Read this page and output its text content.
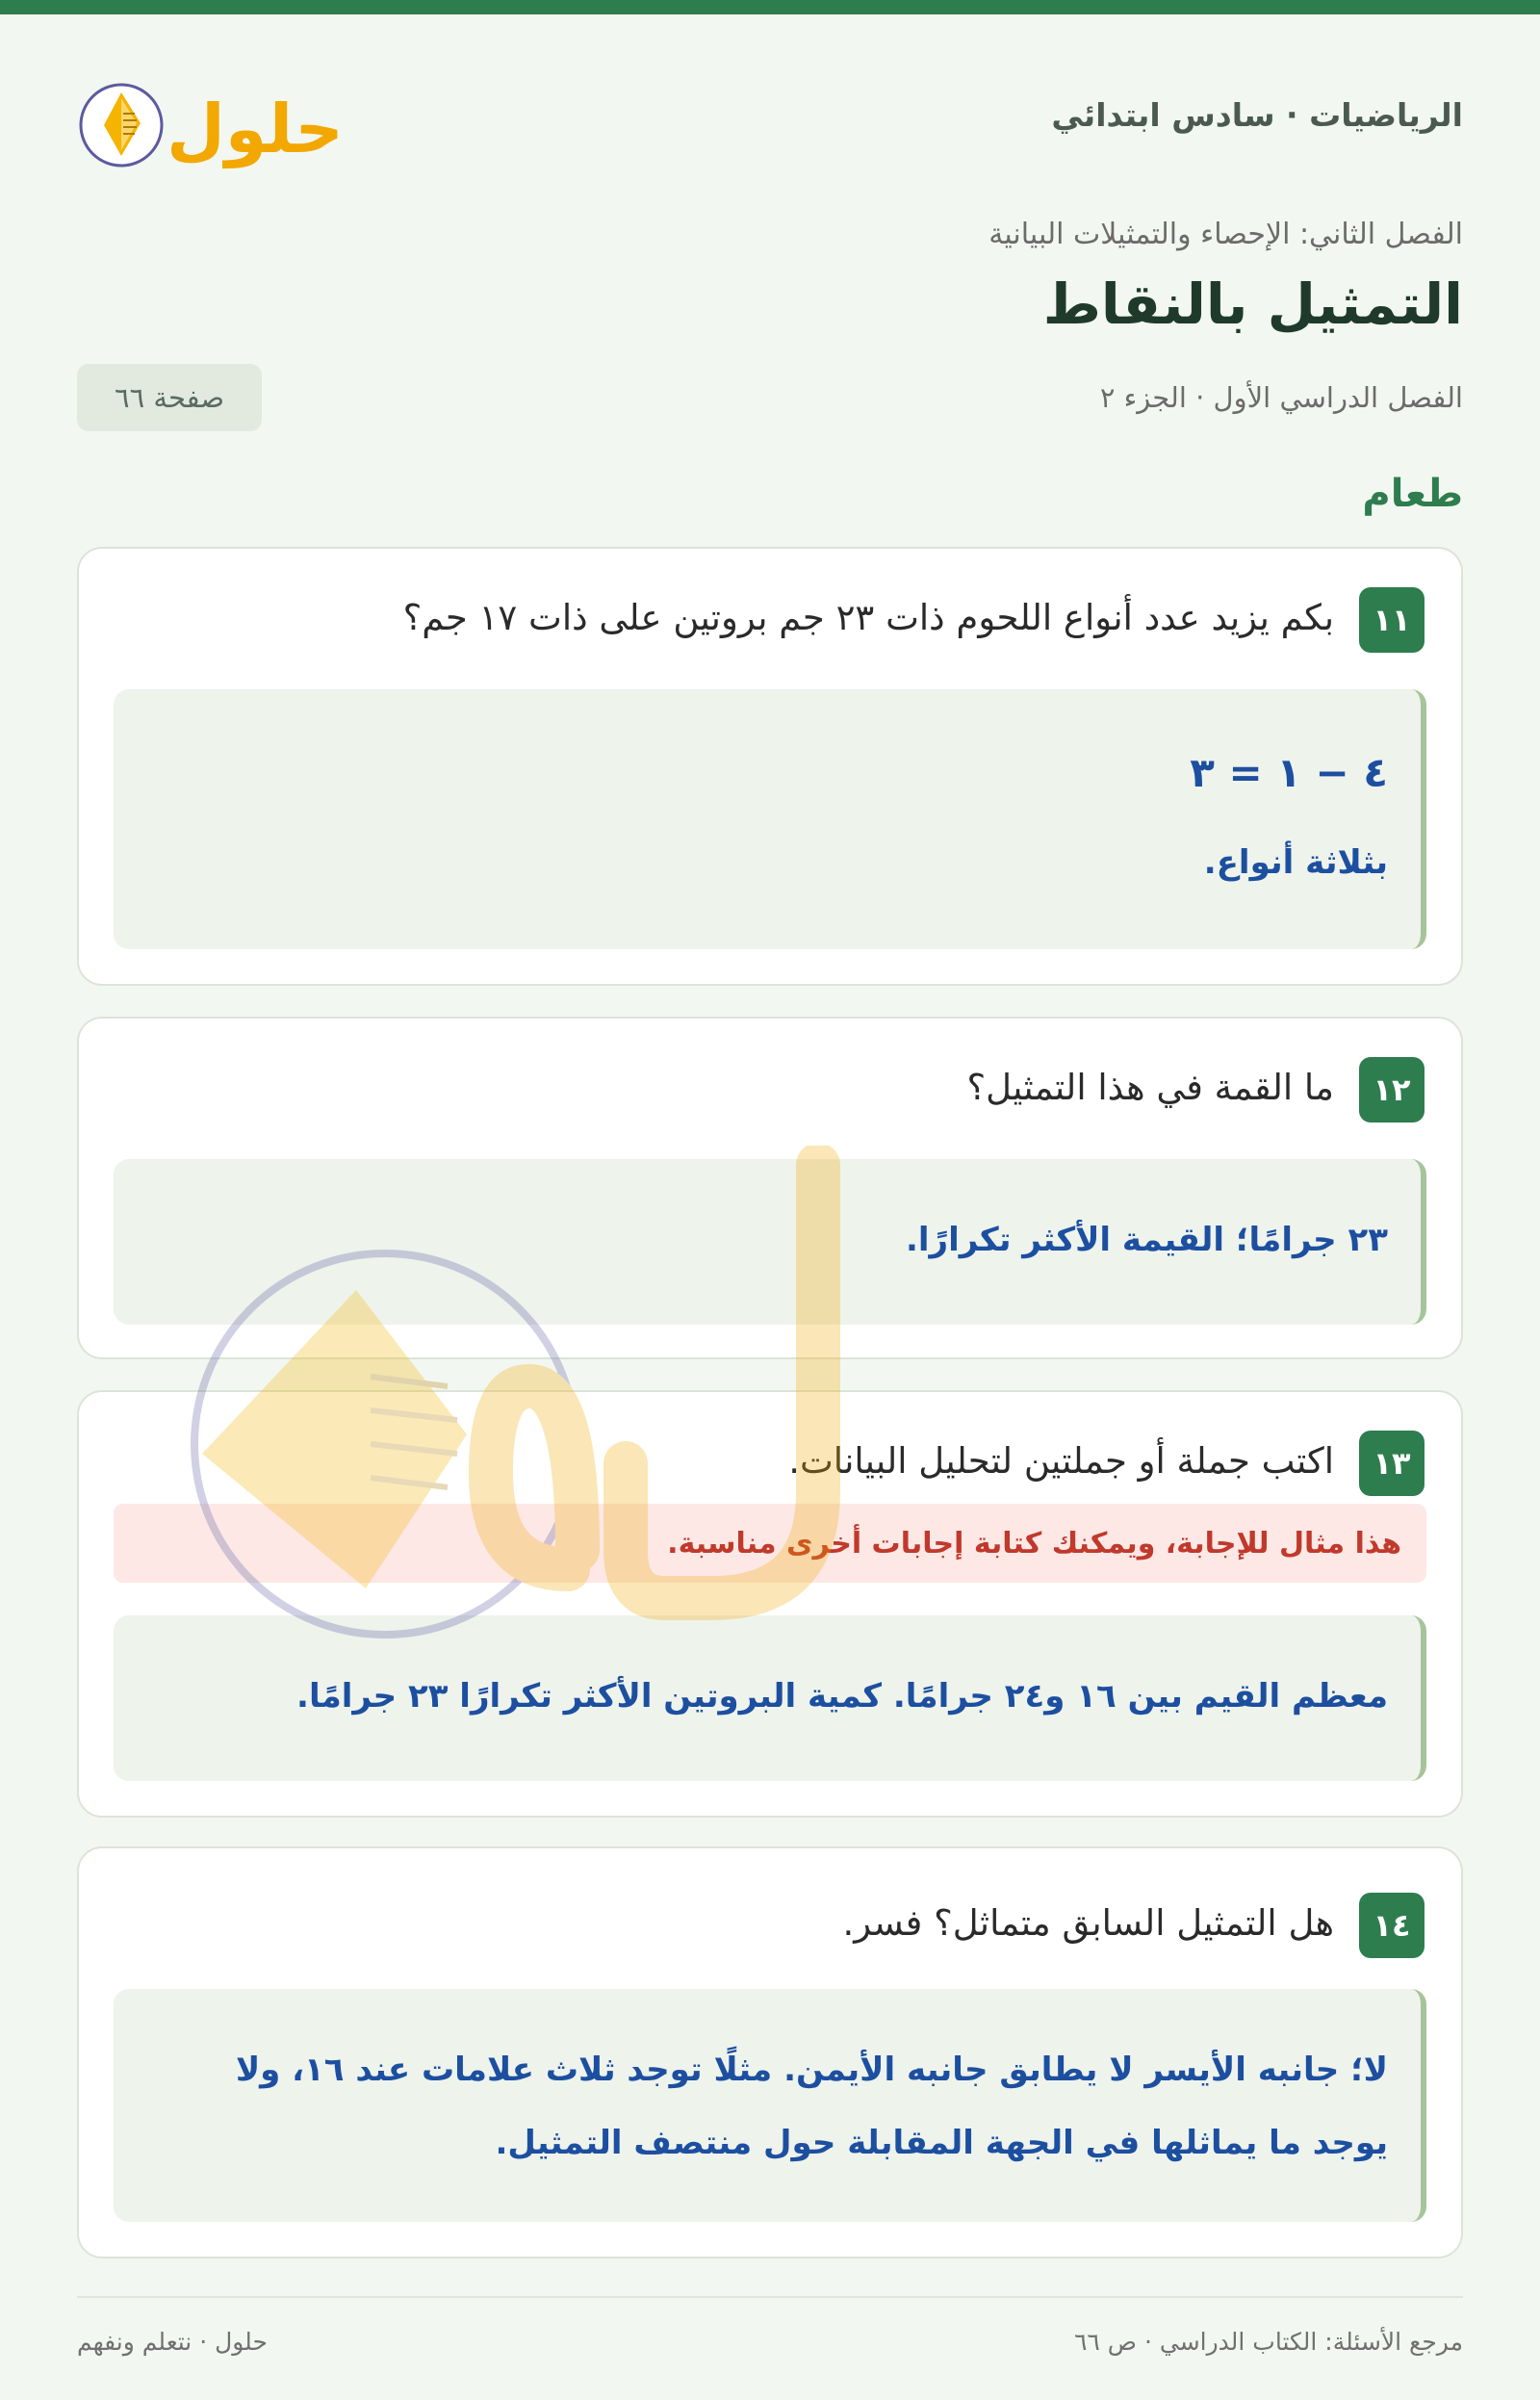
الرياضيات · سادس ابتدائي
حلول
الفصل الثاني: الإحصاء والتمثيلات البيانية
التمثيل بالنقاط
الفصل الدراسي الأول · الجزء ٢
صفحة ٦٦
طعام
١١
بكم يزيد عدد أنواع اللحوم ذات ٢٣ جم بروتين على ذات ١٧ جم؟
٤ − ١ = ٣
بثلاثة أنواع.
١٢
ما القمة في هذا التمثيل؟
٢٣ جرامًا؛ القيمة الأكثر تكرارًا.
١٣
اكتب جملة أو جملتين لتحليل البيانات.
هذا مثال للإجابة، ويمكنك كتابة إجابات أخرى مناسبة.
معظم القيم بين ١٦ و٢٤ جرامًا. كمية البروتين الأكثر تكرارًا ٢٣ جرامًا.
١٤
هل التمثيل السابق متماثل؟ فسر.
لا؛ جانبه الأيسر لا يطابق جانبه الأيمن. مثلًا توجد ثلاث علامات عند ١٦، ولا
يوجد ما يماثلها في الجهة المقابلة حول منتصف التمثيل.
مرجع الأسئلة: الكتاب الدراسي · ص ٦٦
حلول · نتعلم ونفهم
